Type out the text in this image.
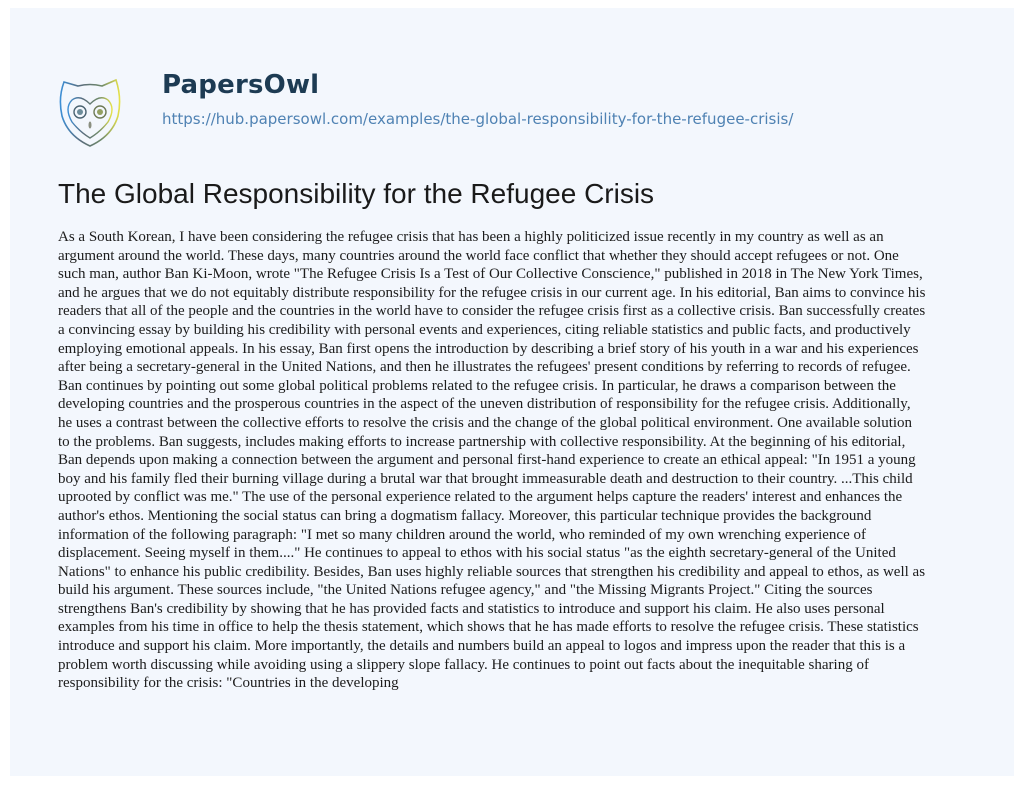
PapersOwl
https://hub.papersowl.com/examples/the-global-responsibility-for-the-refugee-crisis/
The Global Responsibility for the Refugee Crisis
As a South Korean, I have been considering the refugee crisis that has been a highly politicized issue recently in my country as well as an
argument around the world. These days, many countries around the world face conflict that whether they should accept refugees or not. One
such man, author Ban Ki-Moon, wrote "The Refugee Crisis Is a Test of Our Collective Conscience," published in 2018 in The New York Times,
and he argues that we do not equitably distribute responsibility for the refugee crisis in our current age. In his editorial, Ban aims to convince his
readers that all of the people and the countries in the world have to consider the refugee crisis first as a collective crisis. Ban successfully creates
a convincing essay by building his credibility with personal events and experiences, citing reliable statistics and public facts, and productively
employing emotional appeals. In his essay, Ban first opens the introduction by describing a brief story of his youth in a war and his experiences
after being a secretary-general in the United Nations, and then he illustrates the refugees' present conditions by referring to records of refugee.
Ban continues by pointing out some global political problems related to the refugee crisis. In particular, he draws a comparison between the
developing countries and the prosperous countries in the aspect of the uneven distribution of responsibility for the refugee crisis. Additionally,
he uses a contrast between the collective efforts to resolve the crisis and the change of the global political environment. One available solution
to the problems. Ban suggests, includes making efforts to increase partnership with collective responsibility. At the beginning of his editorial,
Ban depends upon making a connection between the argument and personal first-hand experience to create an ethical appeal: "In 1951 a young
boy and his family fled their burning village during a brutal war that brought immeasurable death and destruction to their country. ...This child
uprooted by conflict was me." The use of the personal experience related to the argument helps capture the readers' interest and enhances the
author's ethos. Mentioning the social status can bring a dogmatism fallacy. Moreover, this particular technique provides the background
information of the following paragraph: "I met so many children around the world, who reminded of my own wrenching experience of
displacement. Seeing myself in them...." He continues to appeal to ethos with his social status "as the eighth secretary-general of the United
Nations" to enhance his public credibility. Besides, Ban uses highly reliable sources that strengthen his credibility and appeal to ethos, as well as
build his argument. These sources include, "the United Nations refugee agency," and "the Missing Migrants Project." Citing the sources
strengthens Ban's credibility by showing that he has provided facts and statistics to introduce and support his claim. He also uses personal
examples from his time in office to help the thesis statement, which shows that he has made efforts to resolve the refugee crisis. These statistics
introduce and support his claim. More importantly, the details and numbers build an appeal to logos and impress upon the reader that this is a
problem worth discussing while avoiding using a slippery slope fallacy. He continues to point out facts about the inequitable sharing of
responsibility for the crisis: "Countries in the developing
